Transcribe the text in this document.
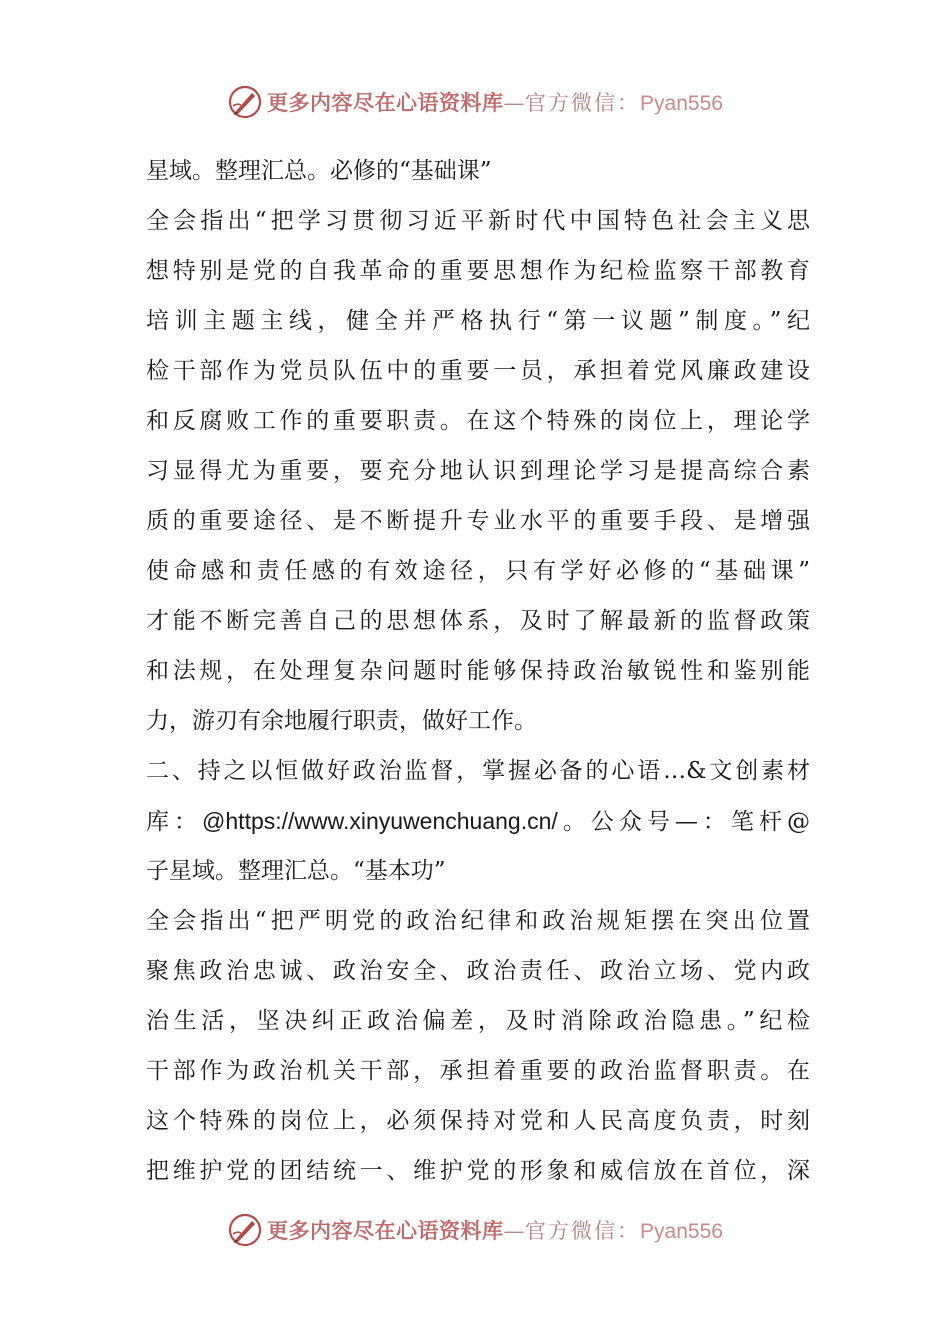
更多内容尽在心语资料库—官方微信：Pyan556
星域。整理汇总。必修的“基础课”
全会指出“把学习贯彻习近平新时代中国特色社会主义思
想特别是党的自我革命的重要思想作为纪检监察干部教育
培训主题主线，健全并严格执行“第一议题”制度。”纪
检干部作为党员队伍中的重要一员，承担着党风廉政建设
和反腐败工作的重要职责。在这个特殊的岗位上，理论学
习显得尤为重要，要充分地认识到理论学习是提高综合素
质的重要途径、是不断提升专业水平的重要手段、是增强
使命感和责任感的有效途径，只有学好必修的“基础课”
才能不断完善自己的思想体系，及时了解最新的监督政策
和法规，在处理复杂问题时能够保持政治敏锐性和鉴别能
力，游刃有余地履行职责，做好工作。
二、持之以恒做好政治监督，掌握必备的心语…&文创素材
库：@https://www.xinyuwenchuang.cn/。公众号—：笔杆@
子星域。整理汇总。“基本功”
全会指出“把严明党的政治纪律和政治规矩摆在突出位置
聚焦政治忠诚、政治安全、政治责任、政治立场、党内政
治生活，坚决纠正政治偏差，及时消除政治隐患。”纪检
干部作为政治机关干部，承担着重要的政治监督职责。在
这个特殊的岗位上，必须保持对党和人民高度负责，时刻
把维护党的团结统一、维护党的形象和威信放在首位，深
更多内容尽在心语资料库—官方微信：Pyan556
